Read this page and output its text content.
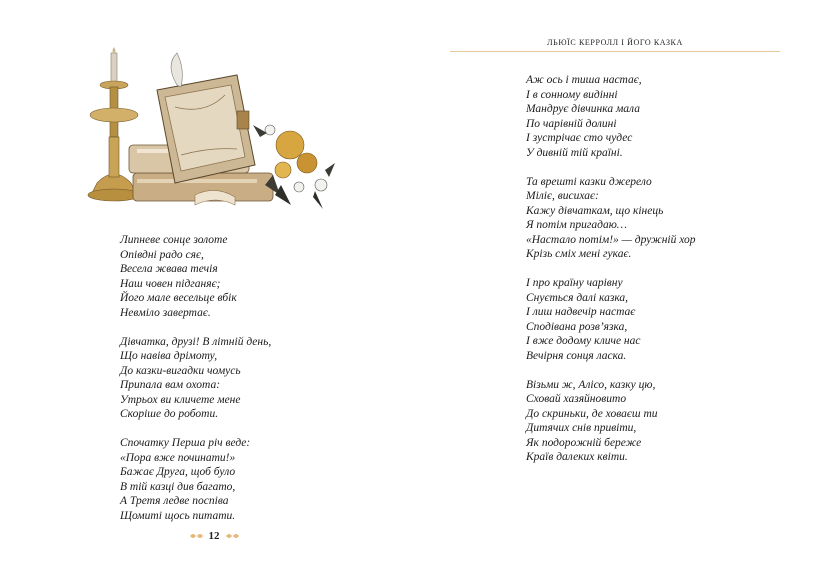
Липневе сонце золоте
Опівдні радо сяє,
Весела жвава течія
Наш човен підганяє;
Його мале весельце вбік
Невміло завертає.
Дівчатка, друзі! В літній день,
Що навіва дрімоту,
До казки-вигадки чомусь
Припала вам охота:
Утрьох ви кличете мене
Скоріше до роботи.
Спочатку Перша річ веде:
«Пора вже починати!»
Бажає Друга, щоб було
В тій казці див багато,
А Третя ледве поспіва
Щомиті щось питати.
12
ЛЬЮЇС КЕРРОЛЛ І ЙОГО КАЗКА
Аж ось і тиша настає,
І в сонному видінні
Мандрує дівчинка мала
По чарівній долині
І зустрічає сто чудес
У дивній тій країні.
Та врешті казки джерело
Міліє, висихає:
Кажу дівчаткам, що кінець
Я потім пригадаю…
«Настало потім!» — дружній хор
Крізь сміх мені гукає.
І про країну чарівну
Снується далі казка,
І лиш надвечір настає
Сподівана розв’язка,
І вже додому кличе нас
Вечірня сонця ласка.
Візьми ж, Алісо, казку цю,
Сховай хазяйновито
До скриньки, де ховаєш ти
Дитячих снів привіти,
Як подорожній береже
Країв далеких квіти.
